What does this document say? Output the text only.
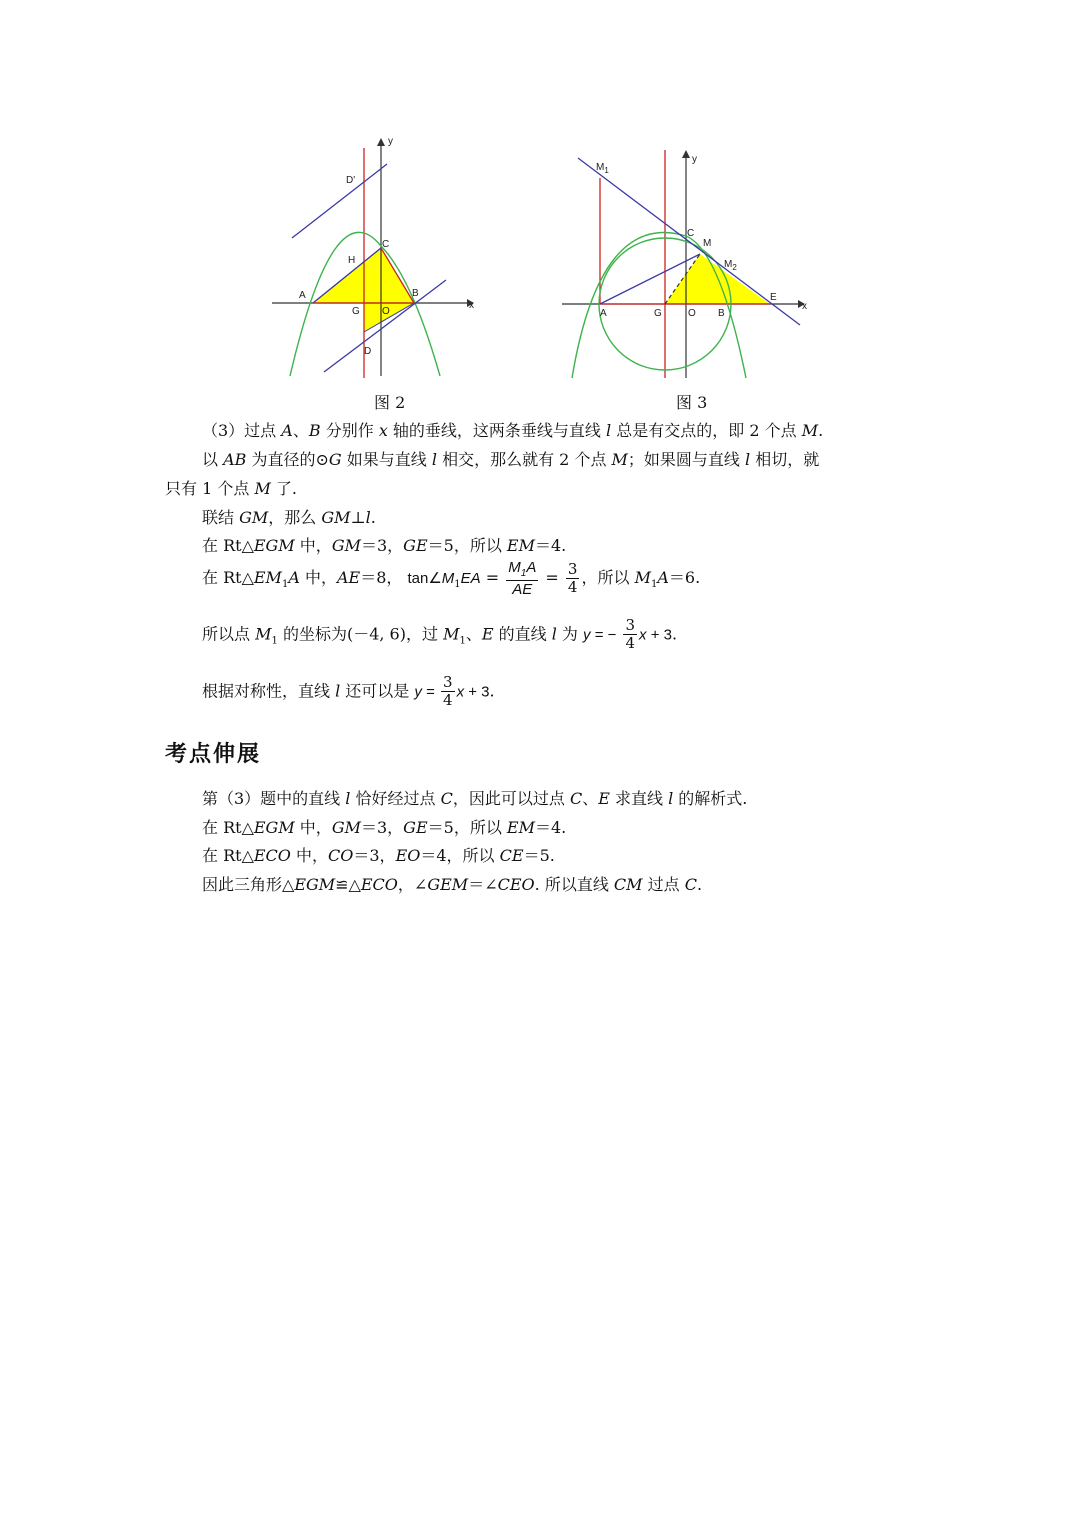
y
x
D'
C
H
A	B
G O
D
y
x
$M_1$
C
M
$M_2$
E
A	G	O B
图 2	图 3
（3）过点 A、B 分别作 x 轴的垂线，这两条垂线与直线 l 总是有交点的，即 2 个点 M.
以 AB 为直径的⊙G 如果与直线 l 相交，那么就有 2 个点 M；如果圆与直线 l 相切，就
只有 1 个点 M 了.
联结 GM，那么 GM⊥l.
在 Rt△EGM 中，GM＝3，GE＝5，所以 EM＝4.
在 $Rt\triangle EM_1A$ 中，AE＝8， $\tan\angle M_1EA = \frac{M_1A}{AE} = \frac{3}{4}$ ，所以 $M_1A=6$.
所以点 $M_1$ 的坐标为(－4, 6)，过 $M_1$、E 的直线 l 为 y = − $\frac{3}{4}$ x + 3.
根据对称性，直线 l 还可以是 $y = \frac{3}{4}$ x + 3.
考点伸展
第（3）题中的直线 l 恰好经过点 C，因此可以过点 C、E 求直线 l 的解析式.
在 Rt△EGM 中，GM＝3，GE＝5，所以 EM＝4.
在 Rt△ECO 中，CO＝3，EO＝4，所以 CE＝5.
因此三角形△EGM≌△ECO，∠GEM＝∠CEO. 所以直线 CM 过点 C.
